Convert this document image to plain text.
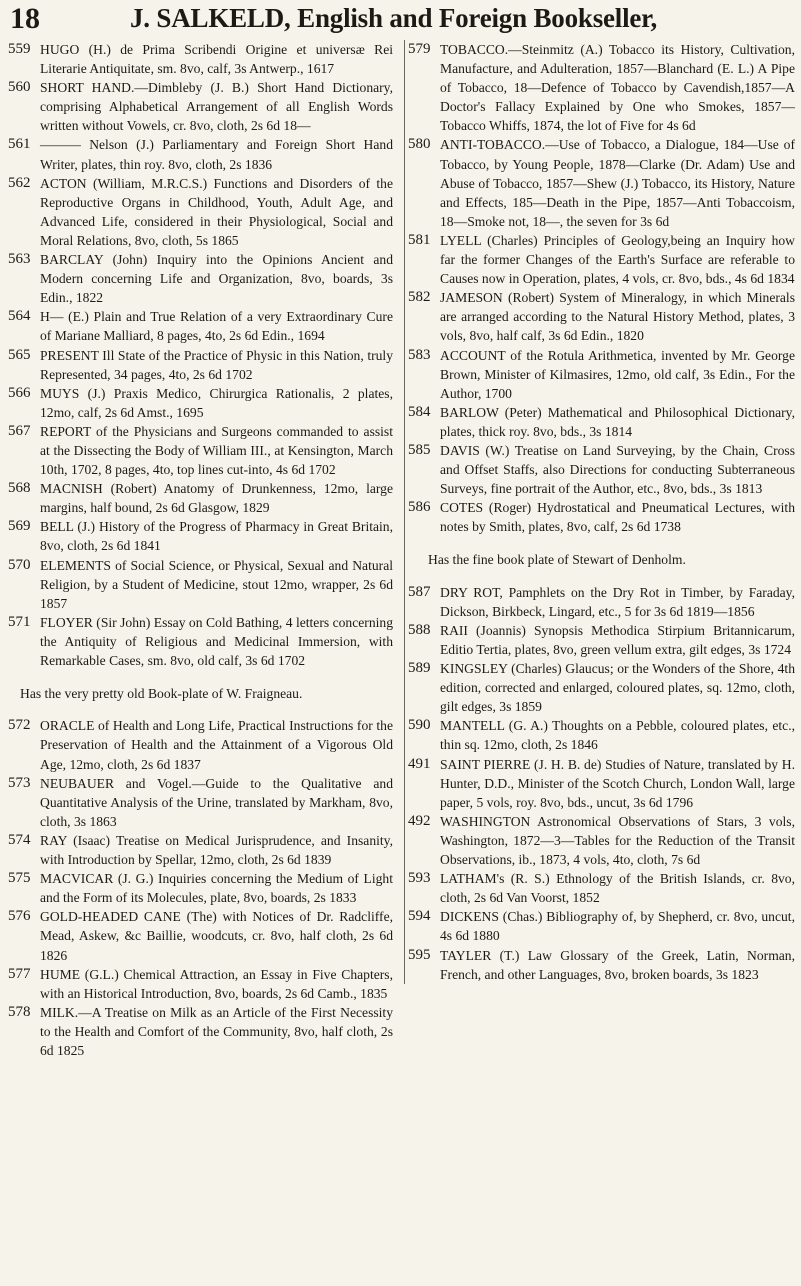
18	J. SALKELD, English and Foreign Bookseller,

559 HUGO (H.) de Prima Scribendi Origine et universæ Rei Literarie Antiquitate, sm. 8vo, calf, 3s Antwerp., 1617

560 SHORT HAND.—Dimbleby (J. B.) Short Hand Dictionary, comprising Alphabetical Arrangement of all English Words written without Vowels, cr. 8vo, cloth, 2s 6d 18—

561 ——— Nelson (J.) Parliamentary and Foreign Short Hand Writer, plates, thin roy. 8vo, cloth, 2s 1836

562 ACTON (William, M.R.C.S.) Functions and Disorders of the Reproductive Organs in Childhood, Youth, Adult Age, and Advanced Life, considered in their Physiological, Social and Moral Relations, 8vo, cloth, 5s 1865

563 BARCLAY (John) Inquiry into the Opinions Ancient and Modern concerning Life and Organization, 8vo, boards, 3s Edin., 1822

564 H— (E.) Plain and True Relation of a very Extraordinary Cure of Mariane Malliard, 8 pages, 4to, 2s 6d Edin., 1694

565 PRESENT Ill State of the Practice of Physic in this Nation, truly Represented, 34 pages, 4to, 2s 6d 1702

566 MUYS (J.) Praxis Medico, Chirurgica Rationalis, 2 plates, 12mo, calf, 2s 6d Amst., 1695

567 REPORT of the Physicians and Surgeons commanded to assist at the Dissecting the Body of William III., at Kensington, March 10th, 1702, 8 pages, 4to, top lines cut-into, 4s 6d 1702

568 MACNISH (Robert) Anatomy of Drunkenness, 12mo, large margins, half bound, 2s 6d Glasgow, 1829

569 BELL (J.) History of the Progress of Pharmacy in Great Britain, 8vo, cloth, 2s 6d 1841

570 ELEMENTS of Social Science, or Physical, Sexual and Natural Religion, by a Student of Medicine, stout 12mo, wrapper, 2s 6d 1857

571 FLOYER (Sir John) Essay on Cold Bathing, 4 letters concerning the Antiquity of Religious and Medicinal Immersion, with Remarkable Cases, sm. 8vo, old calf, 3s 6d 1702

Has the very pretty old Book-plate of W. Fraigneau.

572 ORACLE of Health and Long Life, Practical Instructions for the Preservation of Health and the Attainment of a Vigorous Old Age, 12mo, cloth, 2s 6d 1837

573 NEUBAUER and Vogel.—Guide to the Qualitative and Quantitative Analysis of the Urine, translated by Markham, 8vo, cloth, 3s 1863

574 RAY (Isaac) Treatise on Medical Jurisprudence, and Insanity, with Introduction by Spellar, 12mo, cloth, 2s 6d 1839

575 MACVICAR (J. G.) Inquiries concerning the Medium of Light and the Form of its Molecules, plate, 8vo, boards, 2s 1833

576 GOLD-HEADED CANE (The) with Notices of Dr. Radcliffe, Mead, Askew, &c Baillie, woodcuts, cr. 8vo, half cloth, 2s 6d 1826

577 HUME (G.L.) Chemical Attraction, an Essay in Five Chapters, with an Historical Introduction, 8vo, boards, 2s 6d Camb., 1835

578 MILK.—A Treatise on Milk as an Article of the First Necessity to the Health and Comfort of the Community, 8vo, half cloth, 2s 6d 1825

579 TOBACCO.—Steinmitz (A.) Tobacco its History, Cultivation, Manufacture, and Adulteration, 1857—Blanchard (E. L.) A Pipe of Tobacco, 18—Defence of Tobacco by Cavendish,1857—A Doctor's Fallacy Explained by One who Smokes, 1857—Tobacco Whiffs, 1874, the lot of Five for 4s 6d

580 ANTI-TOBACCO.—Use of Tobacco, a Dialogue, 184—Use of Tobacco, by Young People, 1878—Clarke (Dr. Adam) Use and Abuse of Tobacco, 1857—Shew (J.) Tobacco, its History, Nature and Effects, 185—Death in the Pipe, 1857—Anti Tobaccoism, 18—Smoke not, 18—, the seven for 3s 6d

581 LYELL (Charles) Principles of Geology,being an Inquiry how far the former Changes of the Earth's Surface are referable to Causes now in Operation, plates, 4 vols, cr. 8vo, bds., 4s 6d 1834

582 JAMESON (Robert) System of Mineralogy, in which Minerals are arranged according to the Natural History Method, plates, 3 vols, 8vo, half calf, 3s 6d Edin., 1820

583 ACCOUNT of the Rotula Arithmetica, invented by Mr. George Brown, Minister of Kilmasires, 12mo, old calf, 3s Edin., For the Author, 1700

584 BARLOW (Peter) Mathematical and Philosophical Dictionary, plates, thick roy. 8vo, bds., 3s 1814

585 DAVIS (W.) Treatise on Land Surveying, by the Chain, Cross and Offset Staffs, also Directions for conducting Subterraneous Surveys, fine portrait of the Author, etc., 8vo, bds., 3s 1813

586 COTES (Roger) Hydrostatical and Pneumatical Lectures, with notes by Smith, plates, 8vo, calf, 2s 6d 1738

Has the fine book plate of Stewart of Denholm.

587 DRY ROT, Pamphlets on the Dry Rot in Timber, by Faraday, Dickson, Birkbeck, Lingard, etc., 5 for 3s 6d 1819—1856

588 RAII (Joannis) Synopsis Methodica Stirpium Britannicarum, Editio Tertia, plates, 8vo, green vellum extra, gilt edges, 3s 1724

589 KINGSLEY (Charles) Glaucus; or the Wonders of the Shore, 4th edition, corrected and enlarged, coloured plates, sq. 12mo, cloth, gilt edges, 3s 1859

590 MANTELL (G. A.) Thoughts on a Pebble, coloured plates, etc., thin sq. 12mo, cloth, 2s 1846

491 SAINT PIERRE (J. H. B. de) Studies of Nature, translated by H. Hunter, D.D., Minister of the Scotch Church, London Wall, large paper, 5 vols, roy. 8vo, bds., uncut, 3s 6d 1796

492 WASHINGTON Astronomical Observations of Stars, 3 vols, Washington, 1872—3—Tables for the Reduction of the Transit Observations, ib., 1873, 4 vols, 4to, cloth, 7s 6d

593 LATHAM's (R. S.) Ethnology of the British Islands, cr. 8vo, cloth, 2s 6d Van Voorst, 1852

594 DICKENS (Chas.) Bibliography of, by Shepherd, cr. 8vo, uncut, 4s 6d 1880

595 TAYLER (T.) Law Glossary of the Greek, Latin, Norman, French, and other Languages, 8vo, broken boards, 3s 1823
